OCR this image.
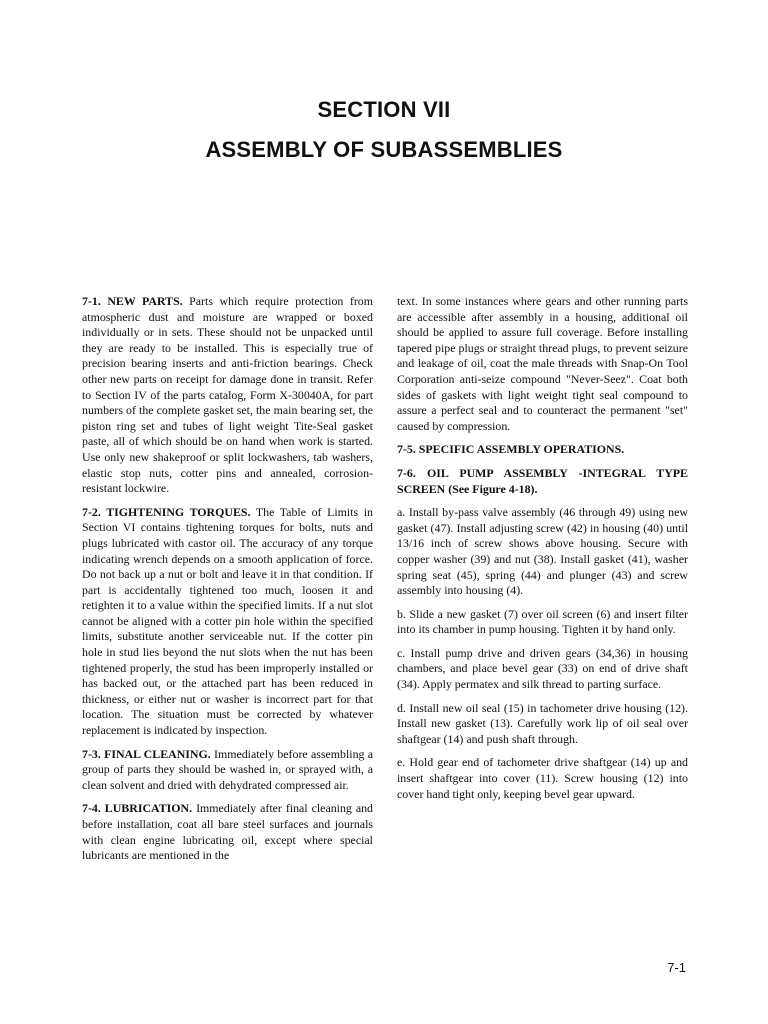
SECTION VII
ASSEMBLY OF SUBASSEMBLIES

7-1. NEW PARTS. Parts which require protection from atmospheric dust and moisture are wrapped or boxed individually or in sets. These should not be unpacked until they are ready to be installed. This is especially true of precision bearing inserts and anti-friction bearings. Check other new parts on receipt for damage done in transit. Refer to Section IV of the parts catalog, Form X-30040A, for part numbers of the complete gasket set, the main bearing set, the piston ring set and tubes of light weight Tite-Seal gasket paste, all of which should be on hand when work is started. Use only new shakeproof or split lockwashers, tab washers, elastic stop nuts, cotter pins and annealed, corrosion-resistant lockwire.

7-2. TIGHTENING TORQUES. The Table of Limits in Section VI contains tightening torques for bolts, nuts and plugs lubricated with castor oil. The accuracy of any torque indicating wrench depends on a smooth application of force. Do not back up a nut or bolt and leave it in that condition. If part is accidentally tightened too much, loosen it and retighten it to a value within the specified limits. If a nut slot cannot be aligned with a cotter pin hole within the specified limits, substitute another serviceable nut. If the cotter pin hole in stud lies beyond the nut slots when the nut has been tightened properly, the stud has been improperly installed or has backed out, or the attached part has been reduced in thickness, or either nut or washer is incorrect part for that location. The situation must be corrected by whatever replacement is indicated by inspection.

7-3. FINAL CLEANING. Immediately before assembling a group of parts they should be washed in, or sprayed with, a clean solvent and dried with dehydrated compressed air.

7-4. LUBRICATION. Immediately after final cleaning and before installation, coat all bare steel surfaces and journals with clean engine lubricating oil, except where special lubricants are mentioned in the

text. In some instances where gears and other running parts are accessible after assembly in a housing, additional oil should be applied to assure full coverage. Before installing tapered pipe plugs or straight thread plugs, to prevent seizure and leakage of oil, coat the male threads with Snap-On Tool Corporation anti-seize compound "Never-Seez". Coat both sides of gaskets with light weight tight seal compound to assure a perfect seal and to counteract the permanent "set" caused by compression.

7-5. SPECIFIC ASSEMBLY OPERATIONS.

7-6. OIL PUMP ASSEMBLY -INTEGRAL TYPE SCREEN (See Figure 4-18).

a. Install by-pass valve assembly (46 through 49) using new gasket (47). Install adjusting screw (42) in housing (40) until 13/16 inch of screw shows above housing. Secure with copper washer (39) and nut (38). Install gasket (41), washer spring seat (45), spring (44) and plunger (43) and screw assembly into housing (4).

b. Slide a new gasket (7) over oil screen (6) and insert filter into its chamber in pump housing. Tighten it by hand only.

c. Install pump drive and driven gears (34,36) in housing chambers, and place bevel gear (33) on end of drive shaft (34). Apply permatex and silk thread to parting surface.

d. Install new oil seal (15) in tachometer drive housing (12). Install new gasket (13). Carefully work lip of oil seal over shaftgear (14) and push shaft through.

e. Hold gear end of tachometer drive shaftgear (14) up and insert shaftgear into cover (11). Screw housing (12) into cover hand tight only, keeping bevel gear upward.

7-1
